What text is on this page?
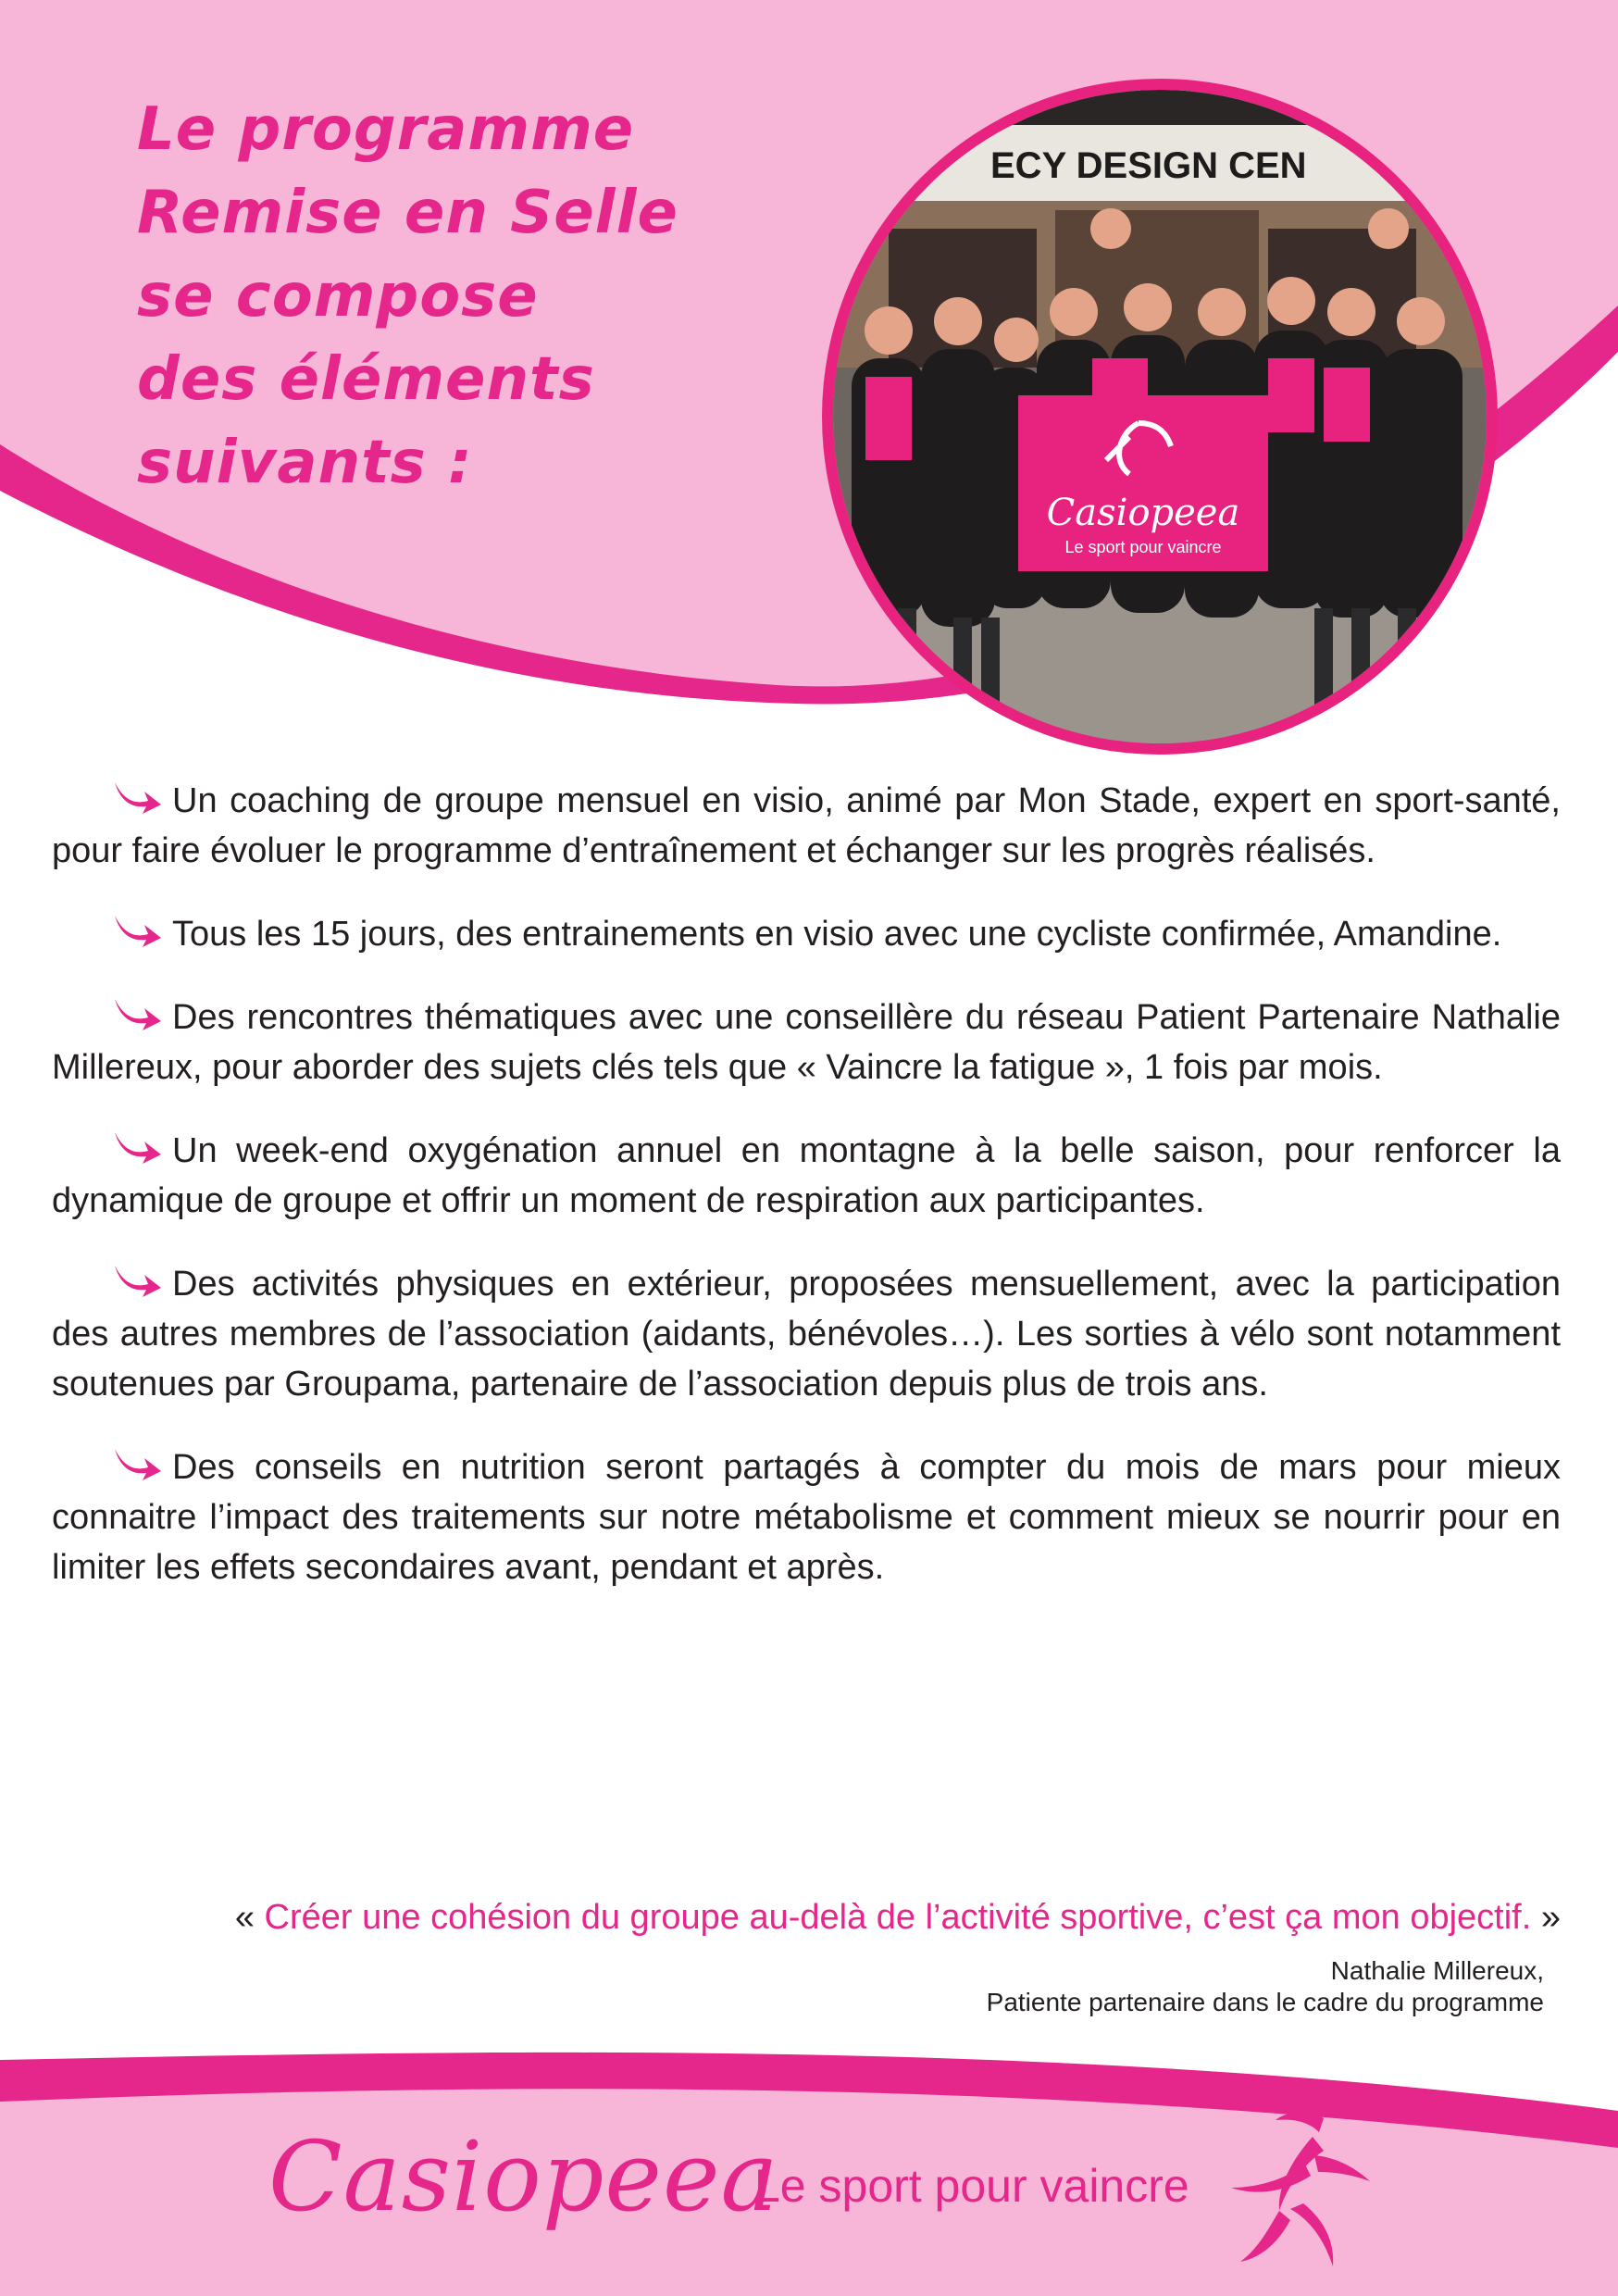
Le programme
Remise en Selle
se compose
des éléments
suivants :
ECY DESIGN CEN
Casiopeea
Le sport pour vaincre

Un coaching de groupe mensuel en visio, animé par Mon Stade, expert en sport-santé, pour faire évoluer le programme d’entraînement et échanger sur les progrès réalisés.

Tous les 15 jours, des entrainements en visio avec une cycliste confirmée, Amandine.

Des rencontres thématiques avec une conseillère du réseau Patient Partenaire Nathalie Millereux, pour aborder des sujets clés tels que « Vaincre la fatigue », 1 fois par mois.

Un week-end oxygénation annuel en montagne à la belle saison, pour renforcer la dynamique de groupe et offrir un moment de respiration aux participantes.

Des activités physiques en extérieur, proposées mensuellement, avec la participation des autres membres de l’association (aidants, bénévoles…). Les sorties à vélo sont notamment soutenues par Groupama, partenaire de l’association depuis plus de trois ans.

Des conseils en nutrition seront partagés à compter du mois de mars pour mieux connaitre l’impact des traitements sur notre métabolisme et comment mieux se nourrir pour en limiter les effets secondaires avant, pendant et après.

« Créer une cohésion du groupe au-delà de l’activité sportive, c’est ça mon objectif. »
Nathalie Millereux,
Patiente partenaire dans le cadre du programme
Casiopeea
Le sport pour vaincre
